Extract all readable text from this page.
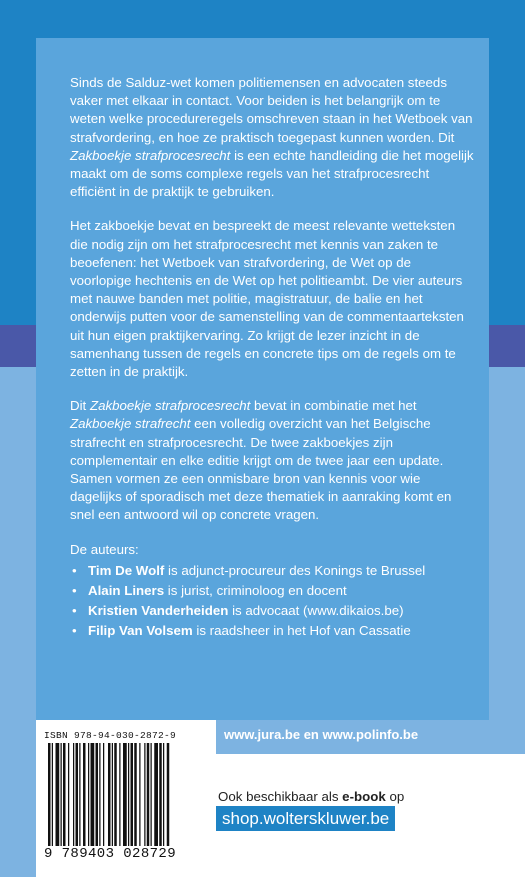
Sinds de Salduz-wet komen politiemensen en advocaten steeds vaker met elkaar in contact. Voor beiden is het belangrijk om te weten welke procedureregels omschreven staan in het Wetboek van strafvordering, en hoe ze praktisch toegepast kunnen worden. Dit Zakboekje strafprocesrecht is een echte handleiding die het mogelijk maakt om de soms complexe regels van het strafprocesrecht efficiënt in de praktijk te gebruiken.

Het zakboekje bevat en bespreekt de meest relevante wetteksten die nodig zijn om het strafprocesrecht met kennis van zaken te beoefenen: het Wetboek van strafvordering, de Wet op de voorlopige hechtenis en de Wet op het politieambt. De vier auteurs met nauwe banden met politie, magistratuur, de balie en het onderwijs putten voor de samenstelling van de commentaarteksten uit hun eigen praktijkervaring. Zo krijgt de lezer inzicht in de samenhang tussen de regels en concrete tips om de regels om te zetten in de praktijk.

Dit Zakboekje strafprocesrecht bevat in combinatie met het Zakboekje strafrecht een volledig overzicht van het Belgische strafrecht en strafprocesrecht. De twee zakboekjes zijn complementair en elke editie krijgt om de twee jaar een update. Samen vormen ze een onmisbare bron van kennis voor wie dagelijks of sporadisch met deze thematiek in aanraking komt en snel een antwoord wil op concrete vragen.

De auteurs:
• Tim De Wolf is adjunct-procureur des Konings te Brussel
• Alain Liners is jurist, criminoloog en docent
• Kristien Vanderheiden is advocaat (www.dikaios.be)
• Filip Van Volsem is raadsheer in het Hof van Cassatie
ISBN 978-94-030-2872-9
9 789403 028729
www.jura.be en www.polinfo.be
Ook beschikbaar als e-book op
shop.wolterskluwer.be
